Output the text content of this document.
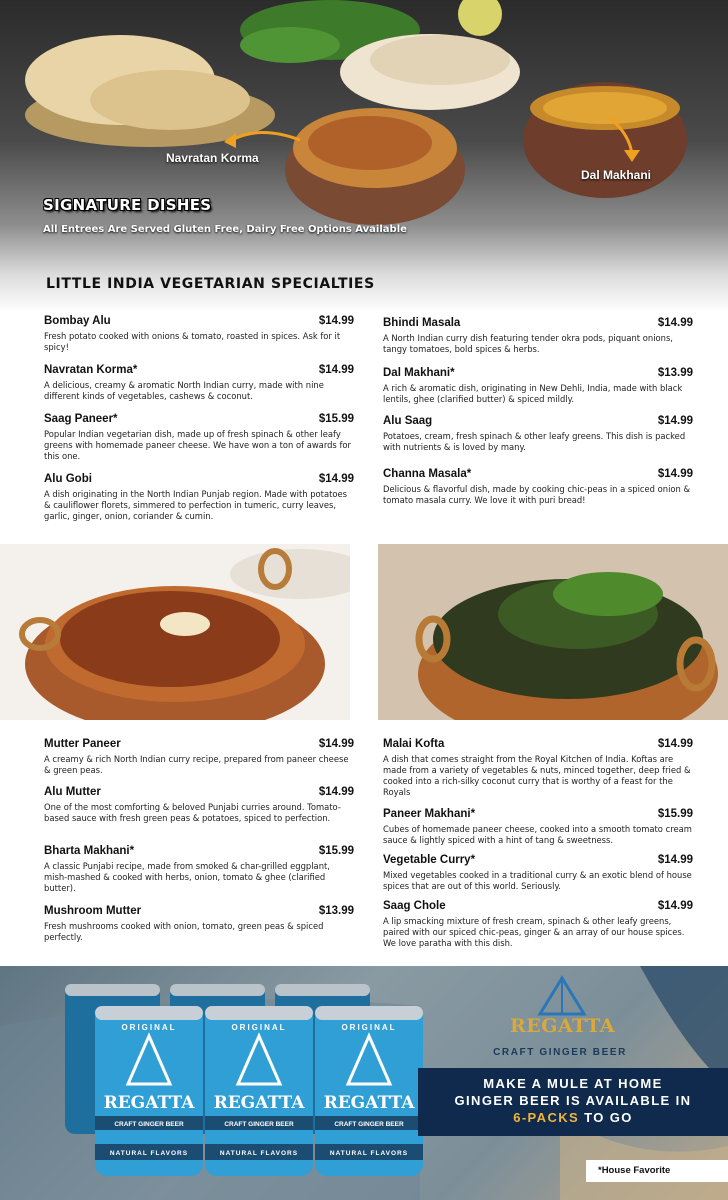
Navratan Korma
Dal Makhani
SIGNATURE DISHES
All Entrees Are Served Gluten Free, Dairy Free Options Available
LITTLE INDIA VEGETARIAN SPECIALTIES
Bombay Alu	$14.99
Fresh potato cooked with onions & tomato, roasted in spices. Ask for it spicy!
Navratan Korma*	$14.99
A delicious, creamy & aromatic North Indian curry, made with nine different kinds of vegetables, cashews & coconut.
Saag Paneer*	$15.99
Popular Indian vegetarian dish, made up of fresh spinach & other leafy greens with homemade paneer cheese. We have won a ton of awards for this one.
Alu Gobi	$14.99
A dish originating in the North Indian Punjab region. Made with potatoes & cauliflower florets, simmered to perfection in tumeric, curry leaves, garlic, ginger, onion, coriander & cumin.
Bhindi Masala	$14.99
A North Indian curry dish featuring tender okra pods, piquant onions, tangy tomatoes, bold spices & herbs.
Dal Makhani*	$13.99
A rich & aromatic dish, originating in New Dehli, India, made with black lentils, ghee (clarified butter) & spiced mildly.
Alu Saag	$14.99
Potatoes, cream, fresh spinach & other leafy greens. This dish is packed with nutrients & is loved by many.
Channa Masala*	$14.99
Delicious & flavorful dish, made by cooking chic-peas in a spiced onion & tomato masala curry. We love it with puri bread!
Mutter Paneer	$14.99
A creamy & rich North Indian curry recipe, prepared from paneer cheese & green peas.
Alu Mutter	$14.99
One of the most comforting & beloved Punjabi curries around. Tomato-based sauce with fresh green peas & potatoes, spiced to perfection.
Bharta Makhani*	$15.99
A classic Punjabi recipe, made from smoked & char-grilled eggplant, mish-mashed & cooked with herbs, onion, tomato & ghee (clarified butter).
Mushroom Mutter	$13.99
Fresh mushrooms cooked with onion, tomato, green peas & spiced perfectly.
Malai Kofta	$14.99
A dish that comes straight from the Royal Kitchen of India. Koftas are made from a variety of vegetables & nuts, minced together, deep fried & cooked into a rich-silky coconut curry that is worthy of a feast for the Royals
Paneer Makhani*	$15.99
Cubes of homemade paneer cheese, cooked into a smooth tomato cream sauce & lightly spiced with a hint of tang & sweetness.
Vegetable Curry*	$14.99
Mixed vegetables cooked in a traditional curry & an exotic blend of house spices that are out of this world. Seriously.
Saag Chole	$14.99
A lip smacking mixture of fresh cream, spinach & other leafy greens, paired with our spiced chic-peas, ginger & an array of our house spices. We love paratha with this dish.
ORIGINAL	ORIGINAL	ORIGINAL
REGATTA REGATTA REGATTA
CRAFT GINGER BEER	CRAFT GINGER BEER	CRAFT GINGER BEER
NATURAL FLAVORS	NATURAL FLAVORS	NATURAL FLAVORS
REGATTA
CRAFT GINGER BEER
MAKE A MULE AT HOME
GINGER BEER IS AVAILABLE IN
6-PACKS TO GO
*House Favorite
